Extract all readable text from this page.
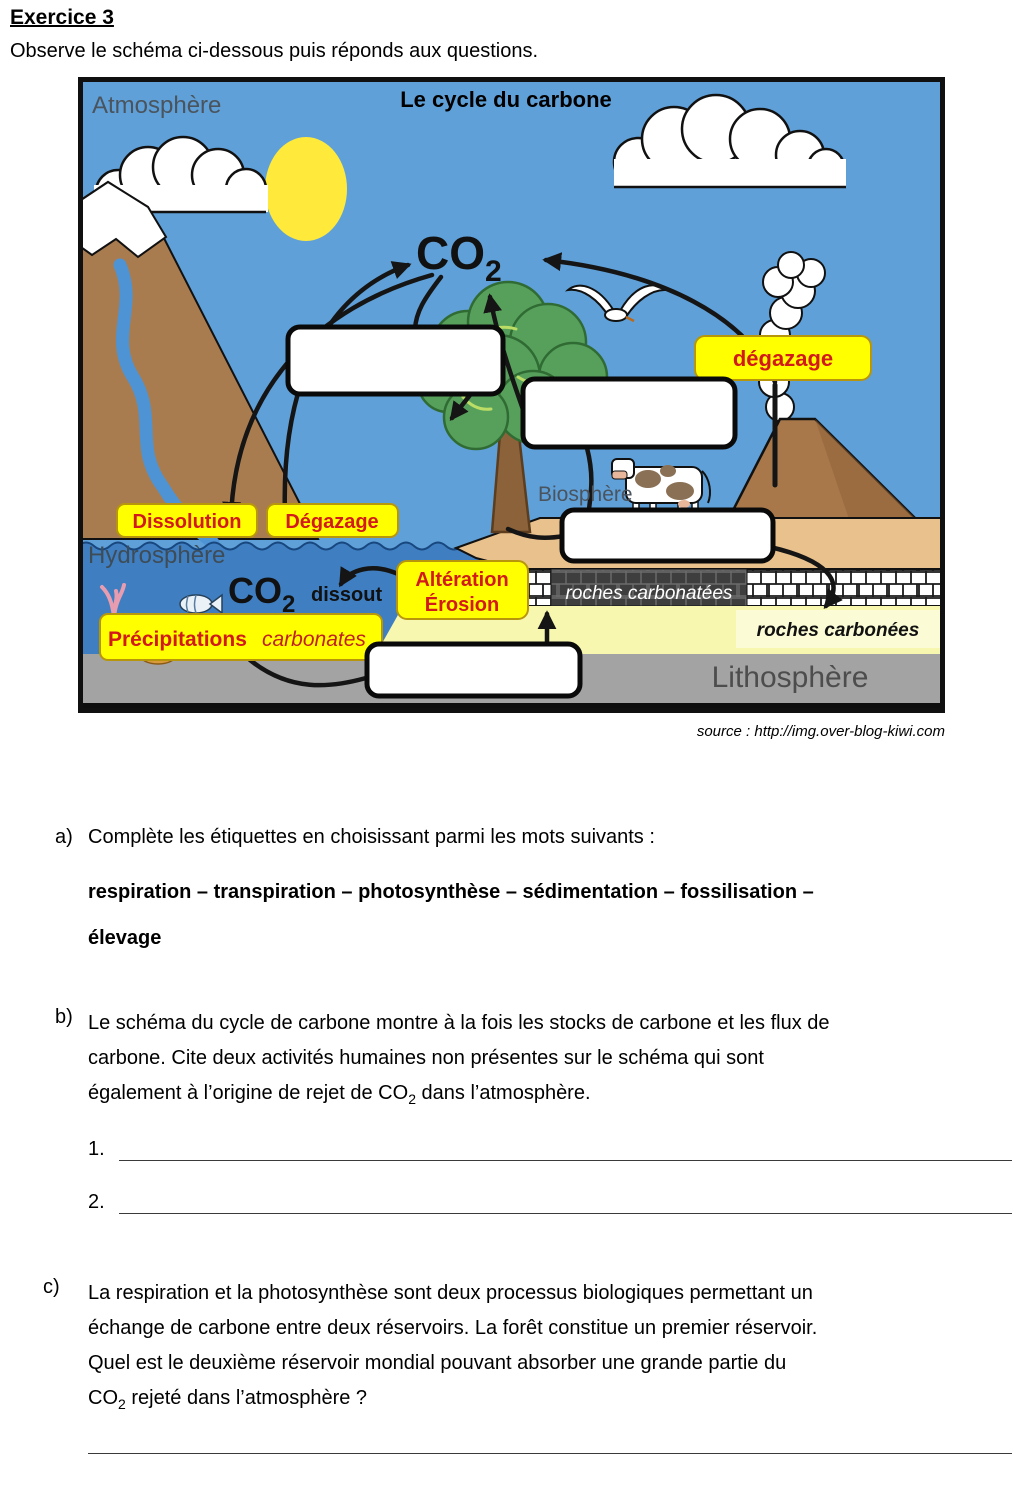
Exercice 3
Observe le schéma ci-dessous puis réponds aux questions.
dégazage
Dissolution Dégazage
Altération
Érosion
Précipitations carbonates
Le cycle du carbone
Atmosphère
Hydrosphère
Biosphère
Lithosphère
$CO_2$
$CO_2$ dissout	roches carbonatées
roches carbonées
source : http://img.over-blog-kiwi.com
a) Complète les étiquettes en choisissant parmi les mots suivants :
respiration – transpiration – photosynthèse – sédimentation – fossilisation –
élevage
b) Le schéma du cycle de carbone montre à la fois les stocks de carbone et les flux de
carbone. Cite deux activités humaines non présentes sur le schéma qui sont
également à l’origine de rejet de $CO_2$ dans l’atmosphère.
1.
2.
c)	La respiration et la photosynthèse sont deux processus biologiques permettant un
échange de carbone entre deux réservoirs. La forêt constitue un premier réservoir.
Quel est le deuxième réservoir mondial pouvant absorber une grande partie du
$CO_2$ rejeté dans l’atmosphère ?
